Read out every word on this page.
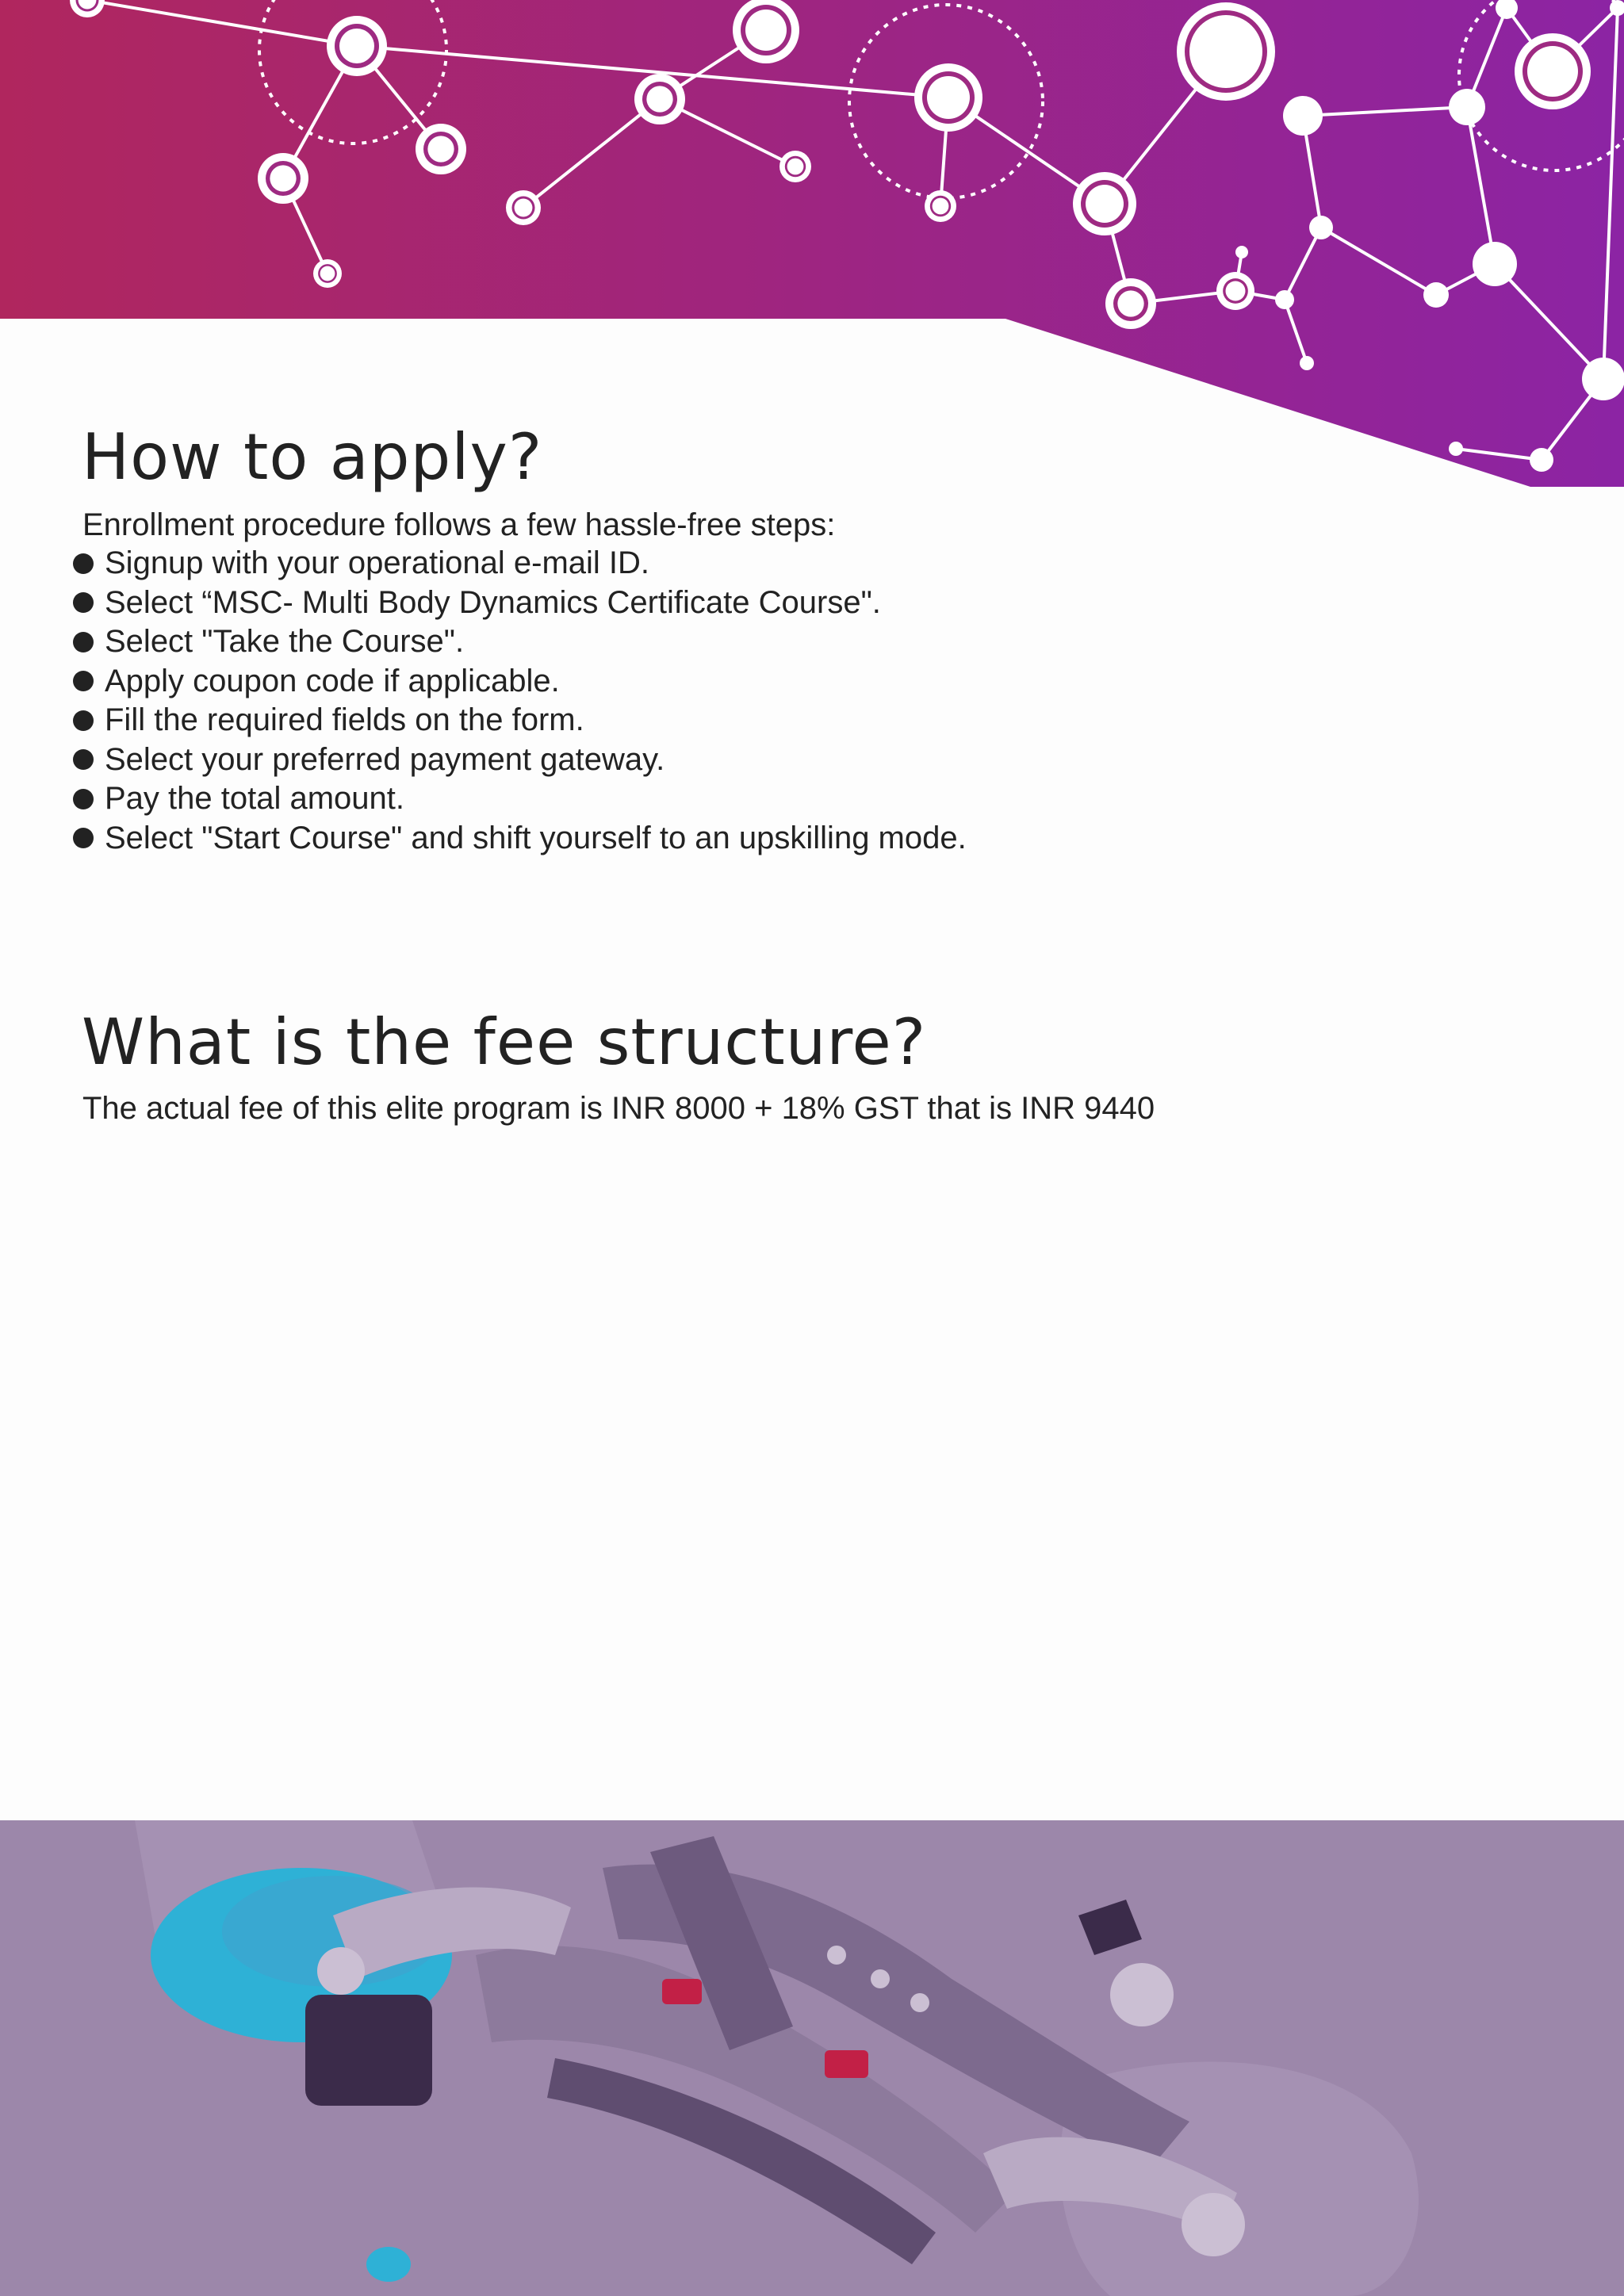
How to apply?

Enrollment procedure follows a few hassle-free steps:

Signup with your operational e-mail ID.
Select “MSC- Multi Body Dynamics Certificate Course".
Select "Take the Course".
Apply coupon code if applicable.
Fill the required fields on the form.
Select your preferred payment gateway.
Pay the total amount.
Select "Start Course" and shift yourself to an upskilling mode.
What is the fee structure?

The actual fee of this elite program is INR 8000 + 18% GST that is INR 9440
